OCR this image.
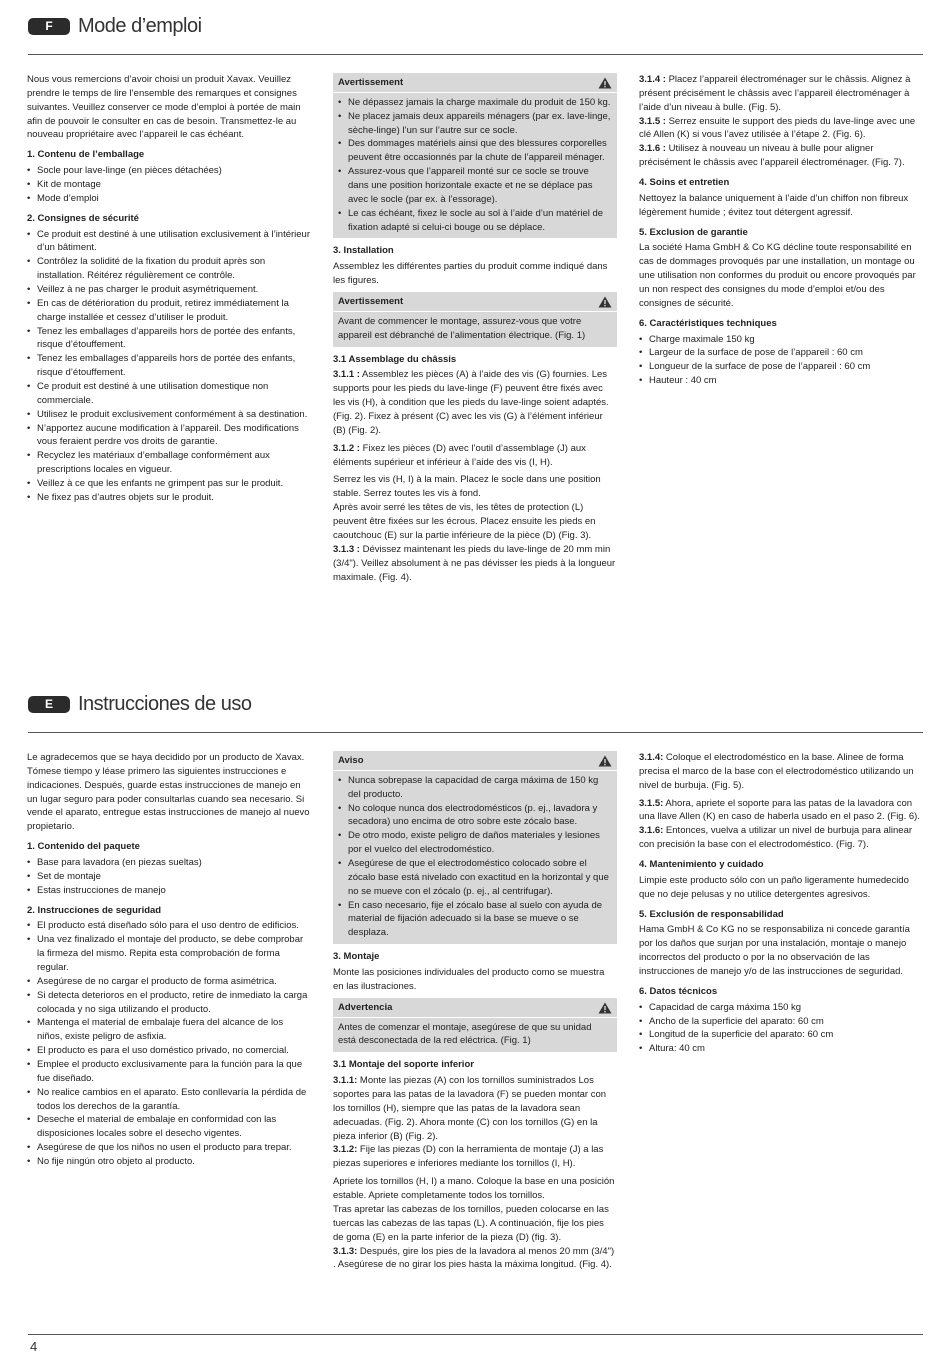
F	Mode d’emploi

Nous vous remercions d’avoir choisi un produit Xavax. Veuillez prendre le temps de lire l’ensemble des remarques et consignes suivantes. Veuillez conserver ce mode d’emploi à portée de main afin de pouvoir le consulter en cas de besoin. Transmettez-le au nouveau propriétaire avec l’appareil le cas échéant.

1. Contenu de l’emballage
• Socle pour lave-linge (en pièces détachées)
• Kit de montage
• Mode d’emploi
2. Consignes de sécurité
• Ce produit est destiné à une utilisation exclusivement à l’intérieur d’un bâtiment.
• Contrôlez la solidité de la fixation du produit après son installation. Réitérez régulièrement ce contrôle.
• Veillez à ne pas charger le produit asymétriquement.
• En cas de détérioration du produit, retirez immédiatement la charge installée et cessez d’utiliser le produit.
• Tenez les emballages d’appareils hors de portée des enfants, risque d’étouffement.
• Tenez les emballages d’appareils hors de portée des enfants, risque d’étouffement.
• Ce produit est destiné à une utilisation domestique non commerciale.
• Utilisez le produit exclusivement conformément à sa destination.
• N’apportez aucune modification à l’appareil. Des modifications vous feraient perdre vos droits de garantie.
• Recyclez les matériaux d’emballage conformément aux prescriptions locales en vigueur.
• Veillez à ce que les enfants ne grimpent pas sur le produit.
• Ne fixez pas d’autres objets sur le produit.
Avertissement
• Ne dépassez jamais la charge maximale du produit de 150 kg.
• Ne placez jamais deux appareils ménagers (par ex. lave-linge, sèche-linge) l’un sur l’autre sur ce socle.
• Des dommages matériels ainsi que des blessures corporelles peuvent être occasionnés par la chute de l’appareil ménager.
• Assurez-vous que l’appareil monté sur ce socle se trouve dans une position horizontale exacte et ne se déplace pas avec le socle (par ex. à l’essorage).
• Le cas échéant, fixez le socle au sol à l’aide d’un matériel de fixation adapté si celui-ci bouge ou se déplace.
3. Installation

Assemblez les différentes parties du produit comme indiqué dans les figures.

Avertissement

Avant de commencer le montage, assurez-vous que votre appareil est débranché de l’alimentation électrique. (Fig. 1)

3.1 Assemblage du châssis

3.1.1 : Assemblez les pièces (A) à l’aide des vis (G) fournies. Les supports pour les pieds du lave-linge (F) peuvent être fixés avec les vis (H), à condition que les pieds du lave-linge soient adaptés. (Fig. 2). Fixez à présent (C) avec les vis (G) à l’élément inférieur (B) (Fig. 2).

3.1.2 : Fixez les pièces (D) avec l’outil d’assemblage (J) aux éléments supérieur et inférieur à l’aide des vis (I, H).

Serrez les vis (H, I) à la main. Placez le socle dans une position stable. Serrez toutes les vis à fond.

Après avoir serré les têtes de vis, les têtes de protection (L) peuvent être fixées sur les écrous. Placez ensuite les pieds en caoutchouc (E) sur la partie inférieure de la pièce (D) (Fig. 3).

3.1.3 : Dévissez maintenant les pieds du lave-linge de 20 mm min (3/4"). Veillez absolument à ne pas dévisser les pieds à la longueur maximale. (Fig. 4).

3.1.4 : Placez l’appareil électroménager sur le châssis. Alignez à présent précisément le châssis avec l’appareil électroménager à l’aide d’un niveau à bulle. (Fig. 5).

3.1.5 : Serrez ensuite le support des pieds du lave-linge avec une clé Allen (K) si vous l’avez utilisée à l’étape 2. (Fig. 6).

3.1.6 : Utilisez à nouveau un niveau à bulle pour aligner précisément le châssis avec l’appareil électroménager. (Fig. 7).

4. Soins et entretien

Nettoyez la balance uniquement à l’aide d’un chiffon non fibreux légèrement humide ; évitez tout détergent agressif.

5. Exclusion de garantie

La société Hama GmbH & Co KG décline toute responsabilité en cas de dommages provoqués par une installation, un montage ou une utilisation non conformes du produit ou encore provoqués par un non respect des consignes du mode d’emploi et/ou des consignes de sécurité.

6. Caractéristiques techniques
• Charge maximale 150 kg
• Largeur de la surface de pose de l’appareil : 60 cm
• Longueur de la surface de pose de l’appareil : 60 cm
• Hauteur : 40 cm
E	Instrucciones de uso

Le agradecemos que se haya decidido por un producto de Xavax. Tómese tiempo y léase primero las siguientes instrucciones e indicaciones. Después, guarde estas instrucciones de manejo en un lugar seguro para poder consultarlas cuando sea necesario. Si vende el aparato, entregue estas instrucciones de manejo al nuevo propietario.

1. Contenido del paquete
• Base para lavadora (en piezas sueltas)
• Set de montaje
• Estas instrucciones de manejo
2. Instrucciones de seguridad
• El producto está diseñado sólo para el uso dentro de edificios.
• Una vez finalizado el montaje del producto, se debe comprobar la firmeza del mismo. Repita esta comprobación de forma regular.
• Asegúrese de no cargar el producto de forma asimétrica.
• Si detecta deterioros en el producto, retire de inmediato la carga colocada y no siga utilizando el producto.
• Mantenga el material de embalaje fuera del alcance de los niños, existe peligro de asfixia.
• El producto es para el uso doméstico privado, no comercial.
• Emplee el producto exclusivamente para la función para la que fue diseñado.
• No realice cambios en el aparato. Esto conllevaría la pérdida de todos los derechos de la garantía.
• Deseche el material de embalaje en conformidad con las disposiciones locales sobre el desecho vigentes.
• Asegúrese de que los niños no usen el producto para trepar.
• No fije ningún otro objeto al producto.
Aviso
• Nunca sobrepase la capacidad de carga máxima de 150 kg del producto.
• No coloque nunca dos electrodomésticos (p. ej., lavadora y secadora) uno encima de otro sobre este zócalo base.
• De otro modo, existe peligro de daños materiales y lesiones por el vuelco del electrodoméstico.
• Asegúrese de que el electrodoméstico colocado sobre el zócalo base está nivelado con exactitud en la horizontal y que no se mueve con el zócalo (p. ej., al centrifugar).
• En caso necesario, fije el zócalo base al suelo con ayuda de material de fijación adecuado si la base se mueve o se desplaza.
3. Montaje

Monte las posiciones individuales del producto como se muestra en las ilustraciones.

Advertencia

Antes de comenzar el montaje, asegúrese de que su unidad está desconectada de la red eléctrica. (Fig. 1)

3.1 Montaje del soporte inferior

3.1.1: Monte las piezas (A) con los tornillos suministrados Los soportes para las patas de la lavadora (F) se pueden montar con los tornillos (H), siempre que las patas de la lavadora sean adecuadas. (Fig. 2). Ahora monte (C) con los tornillos (G) en la pieza inferior (B) (Fig. 2).

3.1.2: Fije las piezas (D) con la herramienta de montaje (J) a las piezas superiores e inferiores mediante los tornillos (I, H).

Apriete los tornillos (H, I) a mano. Coloque la base en una posición estable. Apriete completamente todos los tornillos.

Tras apretar las cabezas de los tornillos, pueden colocarse en las tuercas las cabezas de las tapas (L). A continuación, fije los pies de goma (E) en la parte inferior de la pieza (D) (fig. 3).

3.1.3: Después, gire los pies de la lavadora al menos 20 mm (3/4") . Asegúrese de no girar los pies hasta la máxima longitud. (Fig. 4).

3.1.4: Coloque el electrodoméstico en la base. Alinee de forma precisa el marco de la base con el electrodoméstico utilizando un nivel de burbuja. (Fig. 5).

3.1.5: Ahora, apriete el soporte para las patas de la lavadora con una llave Allen (K) en caso de haberla usado en el paso 2. (Fig. 6).

3.1.6: Entonces, vuelva a utilizar un nivel de burbuja para alinear con precisión la base con el electrodoméstico. (Fig. 7).

4. Mantenimiento y cuidado

Limpie este producto sólo con un paño ligeramente humedecido que no deje pelusas y no utilice detergentes agresivos.

5. Exclusión de responsabilidad

Hama GmbH & Co KG no se responsabiliza ni concede garantía por los daños que surjan por una instalación, montaje o manejo incorrectos del producto o por la no observación de las instrucciones de manejo y/o de las instrucciones de seguridad.

6. Datos técnicos
• Capacidad de carga máxima 150 kg
• Ancho de la superficie del aparato: 60 cm
• Longitud de la superficie del aparato: 60 cm
• Altura: 40 cm
4
